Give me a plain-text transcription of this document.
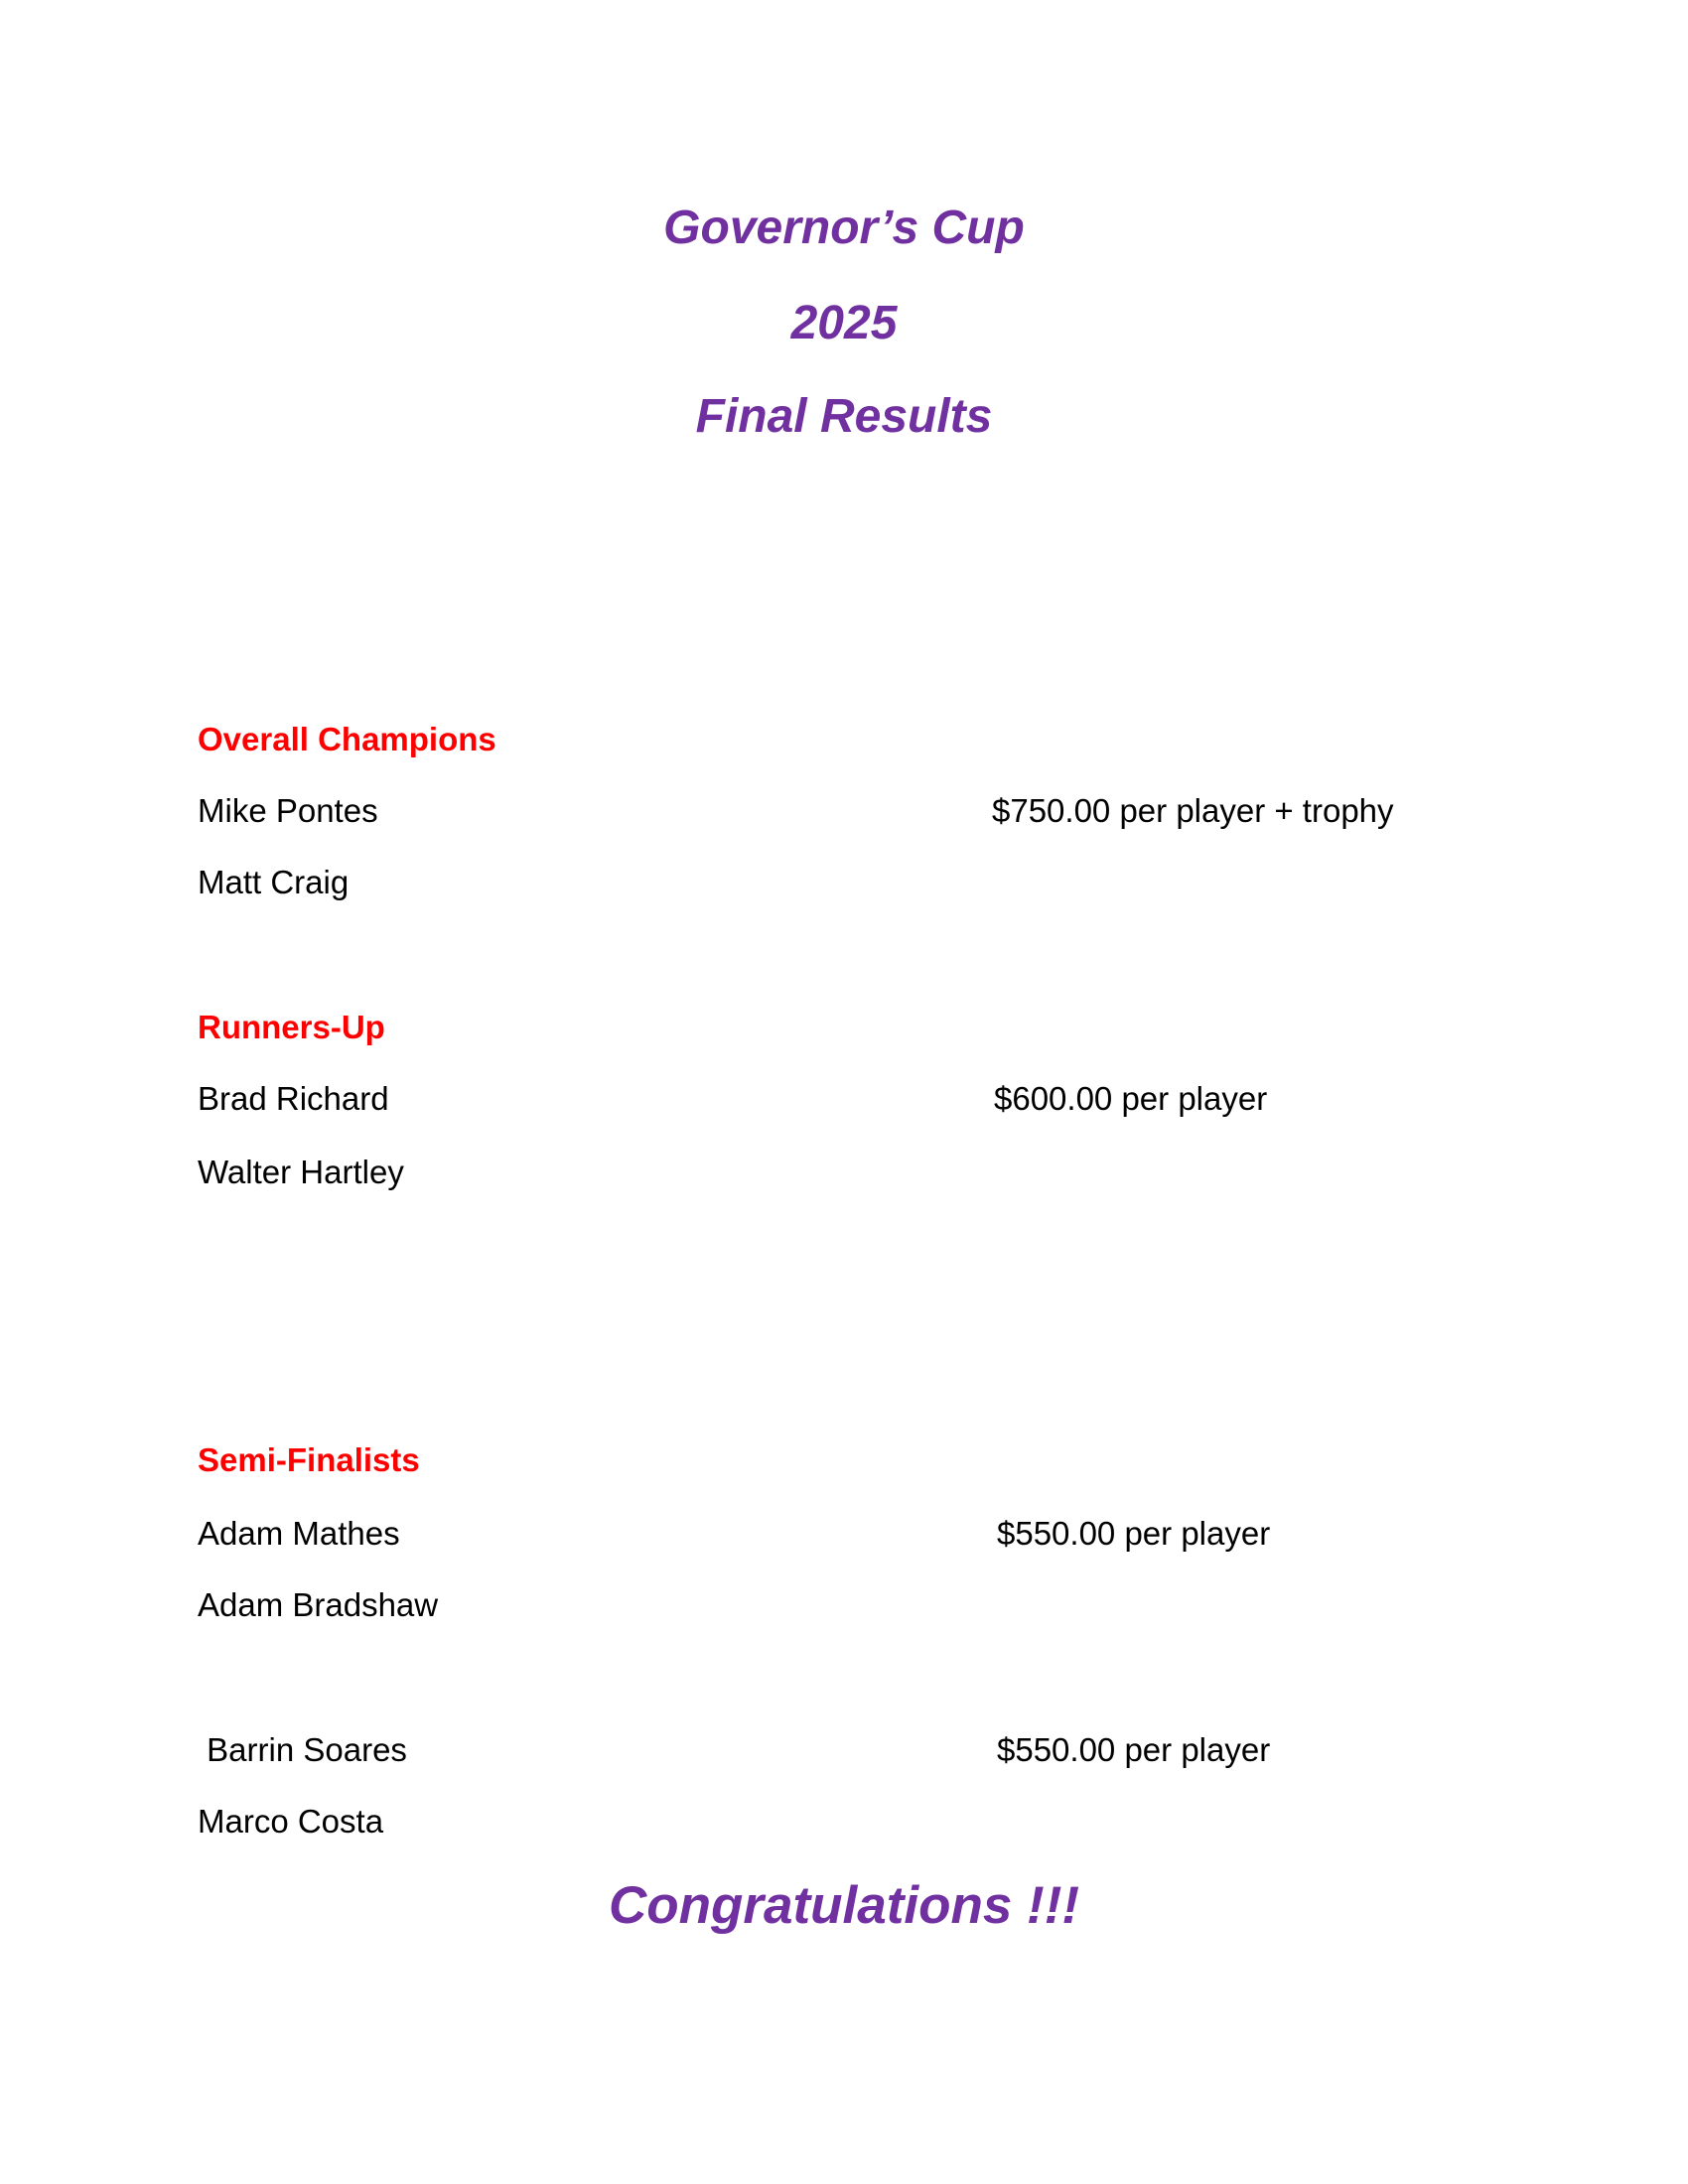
Governor’s Cup
2025
Final Results
Overall Champions
Mike Pontes	$750.00 per player + trophy
Matt Craig
Runners-Up
Brad Richard	$600.00 per player
Walter Hartley
Semi-Finalists
Adam Mathes	$550.00 per player
Adam Bradshaw
Barrin Soares	$550.00 per player
Marco Costa
Congratulations !!!
